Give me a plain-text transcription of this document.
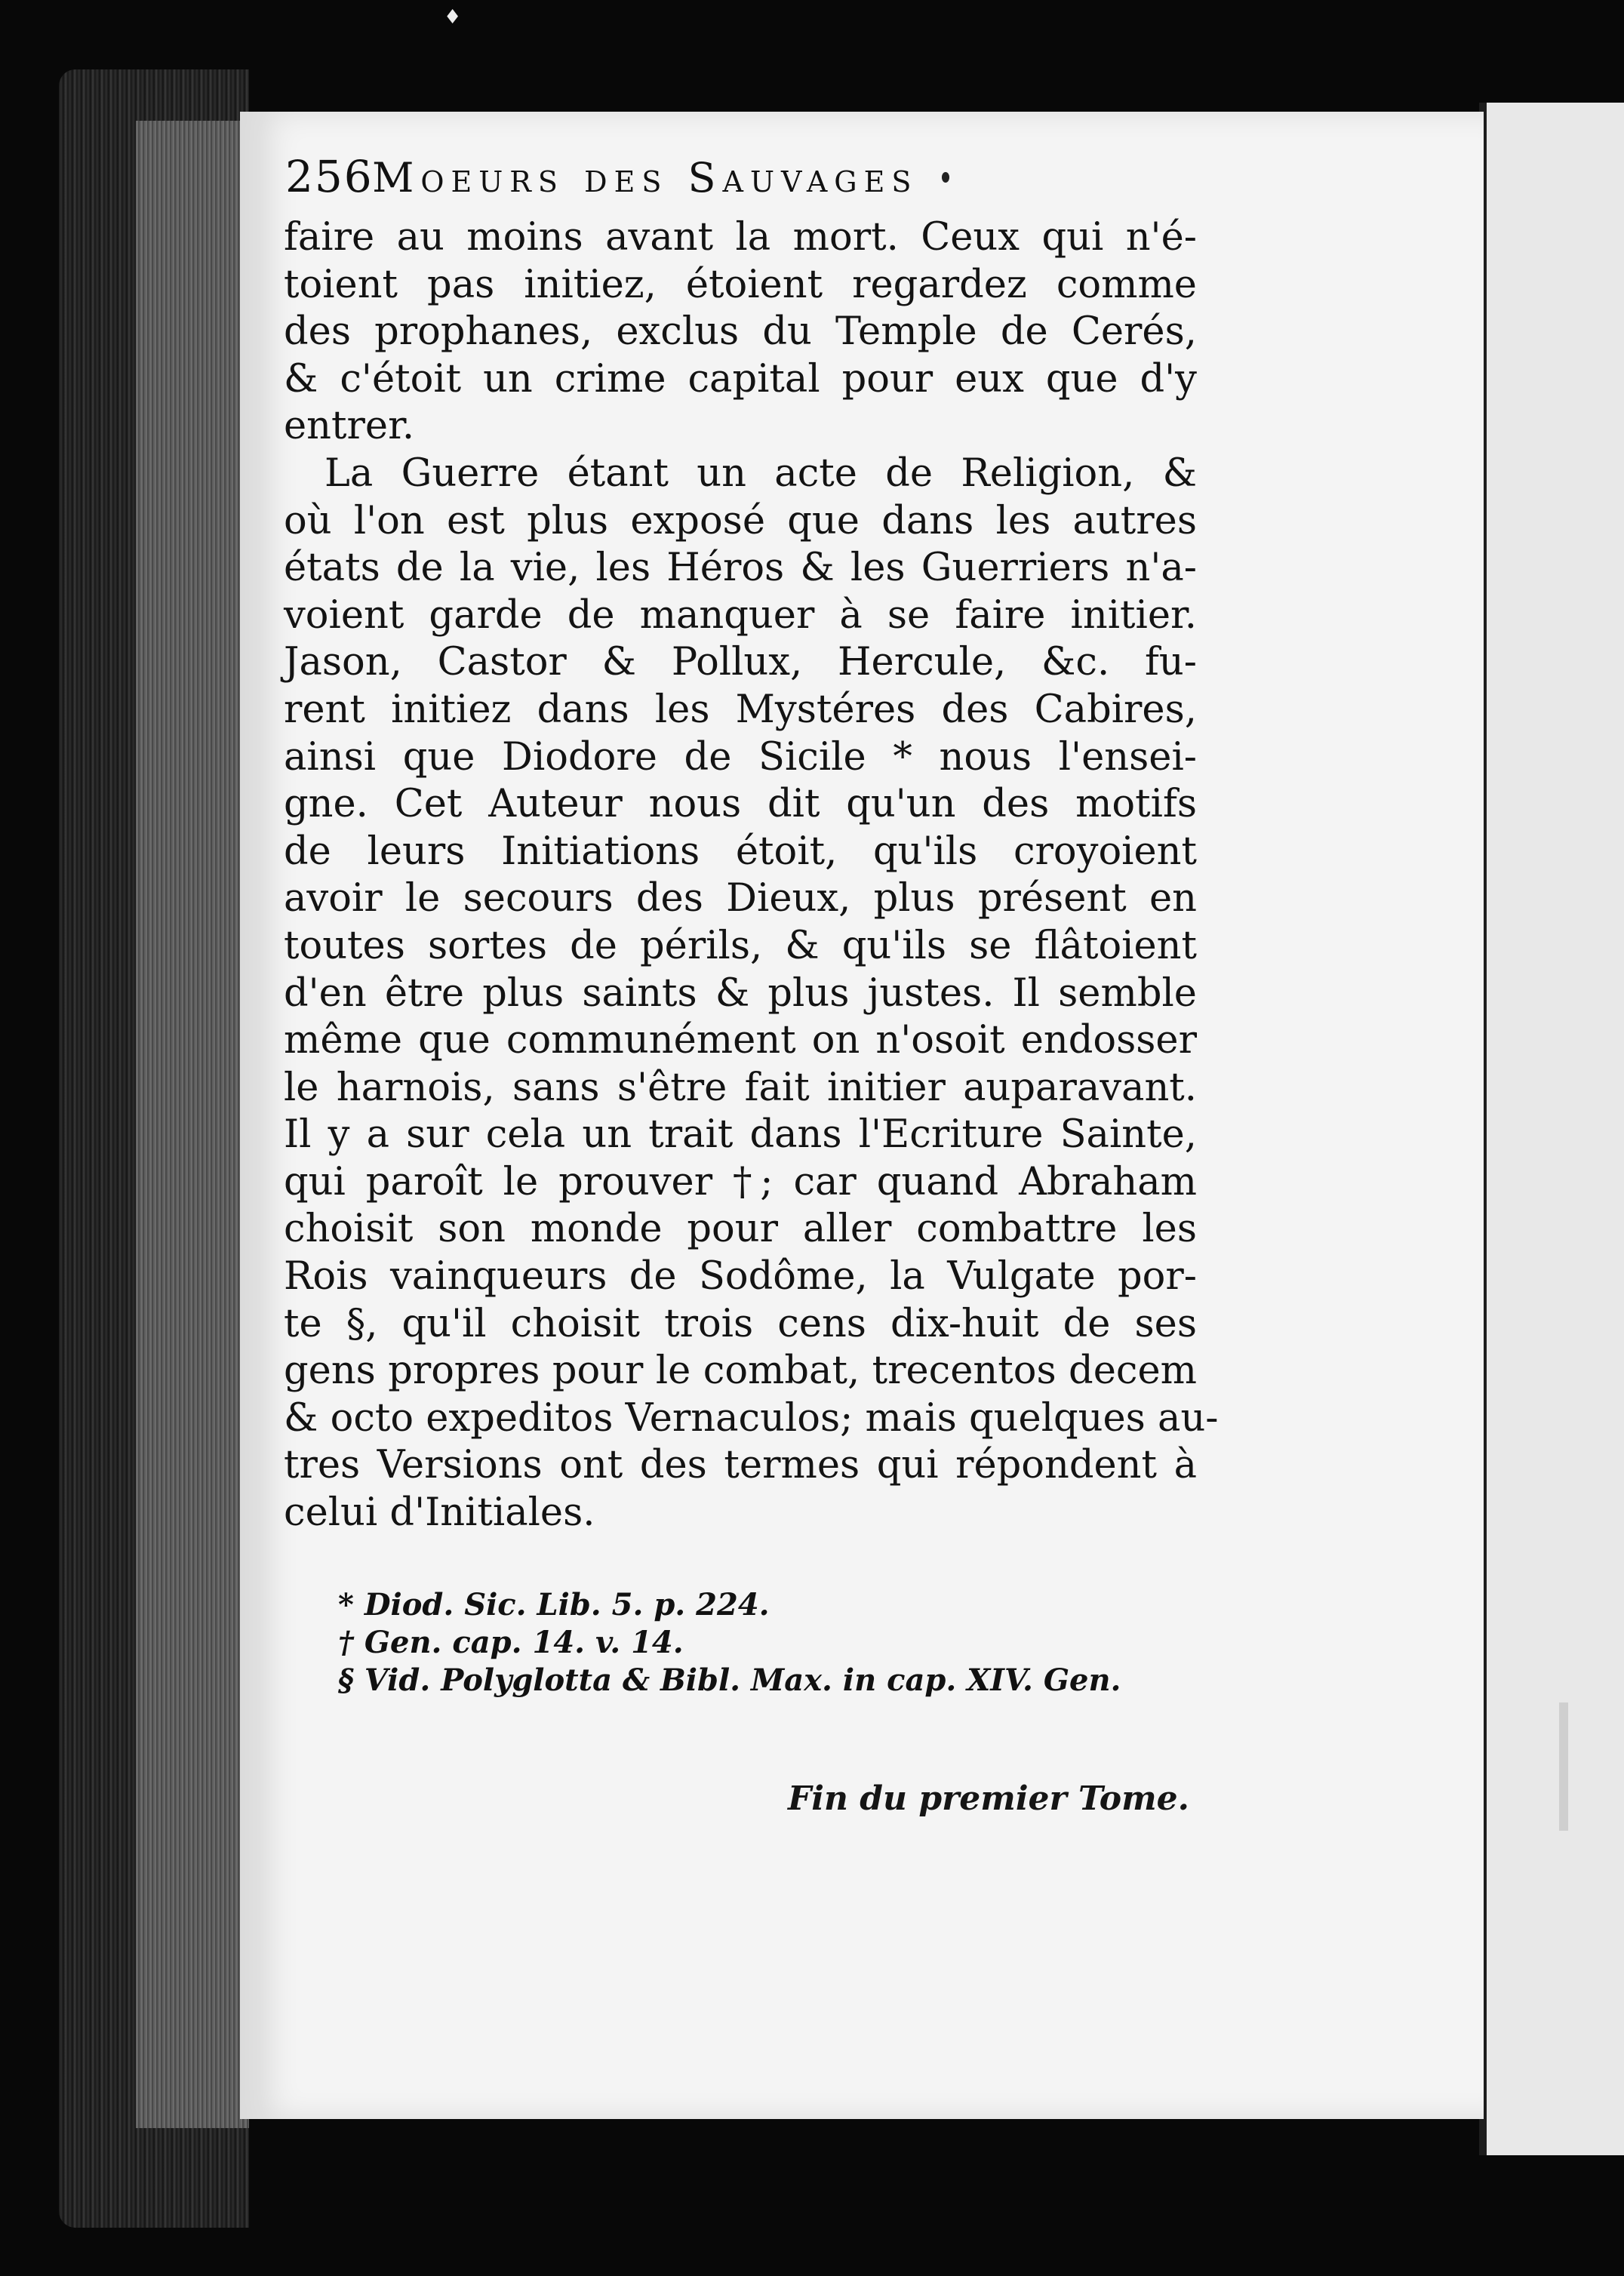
♦
256 Moeurs des Sauvages
faire au moins avant la mort. Ceux qui n'é-
toient pas initiez, étoient regardez comme
des prophanes, exclus du Temple de Cerés,
& c'étoit un crime capital pour eux que d'y
entrer.
La Guerre étant un acte de Religion, &
où l'on est plus exposé que dans les autres
états de la vie, les Héros & les Guerriers n'a-
voient garde de manquer à se faire initier.
Jason, Castor & Pollux, Hercule, &c. fu-
rent initiez dans les Mystéres des Cabires,
ainsi que Diodore de Sicile * nous l'ensei-
gne. Cet Auteur nous dit qu'un des motifs
de leurs Initiations étoit, qu'ils croyoient
avoir le secours des Dieux, plus présent en
toutes sortes de périls, & qu'ils se flâtoient
d'en être plus saints & plus justes. Il semble
même que communément on n'osoit endosser
le harnois, sans s'être fait initier auparavant.
Il y a sur cela un trait dans l'Ecriture Sainte,
qui paroît le prouver †; car quand Abraham
choisit son monde pour aller combattre les
Rois vainqueurs de Sodôme, la Vulgate por-
te §, qu'il choisit trois cens dix-huit de ses
gens propres pour le combat, trecentos decem
& octo expeditos Vernaculos; mais quelques au-
tres Versions ont des termes qui répondent à
celui d'Initiales.
* Diod. Sic. Lib. 5. p. 224.
† Gen. cap. 14. v. 14.
§ Vid. Polyglotta & Bibl. Max. in cap. XIV. Gen.
Fin du premier Tome.
